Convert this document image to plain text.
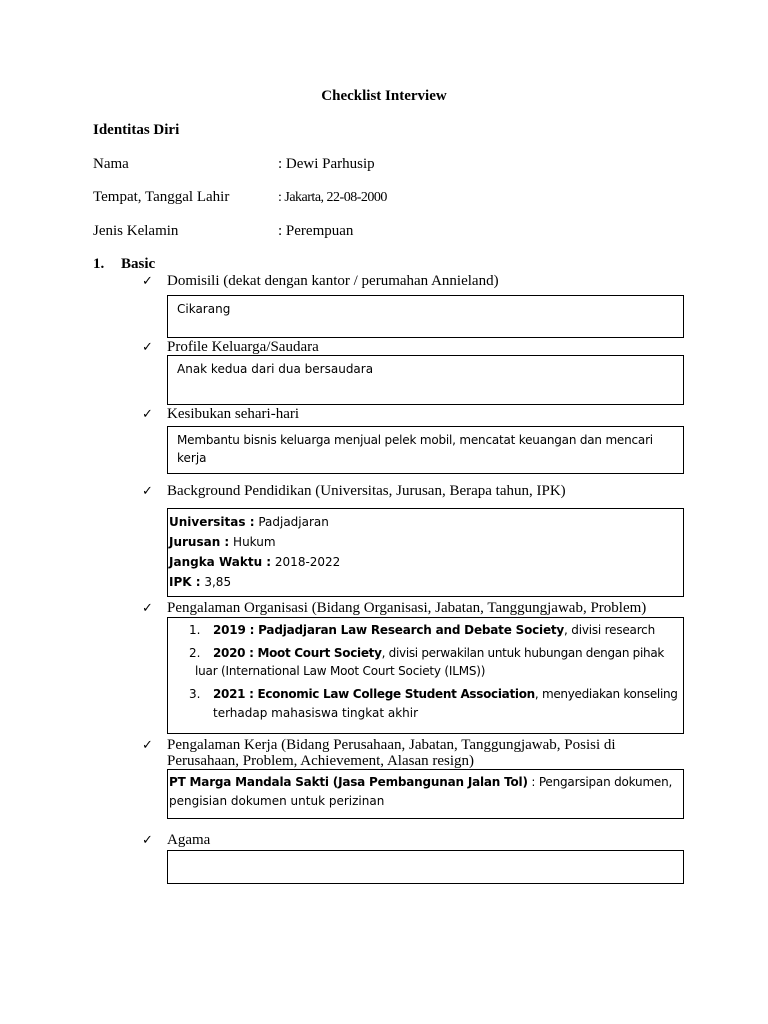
Checklist Interview
Identitas Diri
Nama	: Dewi Parhusip
Tempat, Tanggal Lahir	: Jakarta, 22-08-2000
Jenis Kelamin	: Perempuan
1. Basic
✓ Domisili (dekat dengan kantor / perumahan Annieland)
Cikarang
✓ Profile Keluarga/Saudara
Anak kedua dari dua bersaudara
✓ Kesibukan sehari-hari
Membantu bisnis keluarga menjual pelek mobil, mencatat keuangan dan mencari
kerja
✓ Background Pendidikan (Universitas, Jurusan, Berapa tahun, IPK)
Universitas : Padjadjaran
Jurusan : Hukum
Jangka Waktu : 2018-2022
IPK : 3,85
✓ Pengalaman Organisasi (Bidang Organisasi, Jabatan, Tanggungjawab, Problem)
1. 2019 : Padjadjaran Law Research and Debate Society, divisi research
2. 2020 : Moot Court Society, divisi perwakilan untuk hubungan dengan pihak
luar (International Law Moot Court Society (ILMS))
3. 2021 : Economic Law College Student Association, menyediakan konseling
terhadap mahasiswa tingkat akhir
✓ Pengalaman Kerja (Bidang Perusahaan, Jabatan, Tanggungjawab, Posisi di
Perusahaan, Problem, Achievement, Alasan resign)
PT Marga Mandala Sakti (Jasa Pembangunan Jalan Tol) : Pengarsipan dokumen,
pengisian dokumen untuk perizinan
✓ Agama
